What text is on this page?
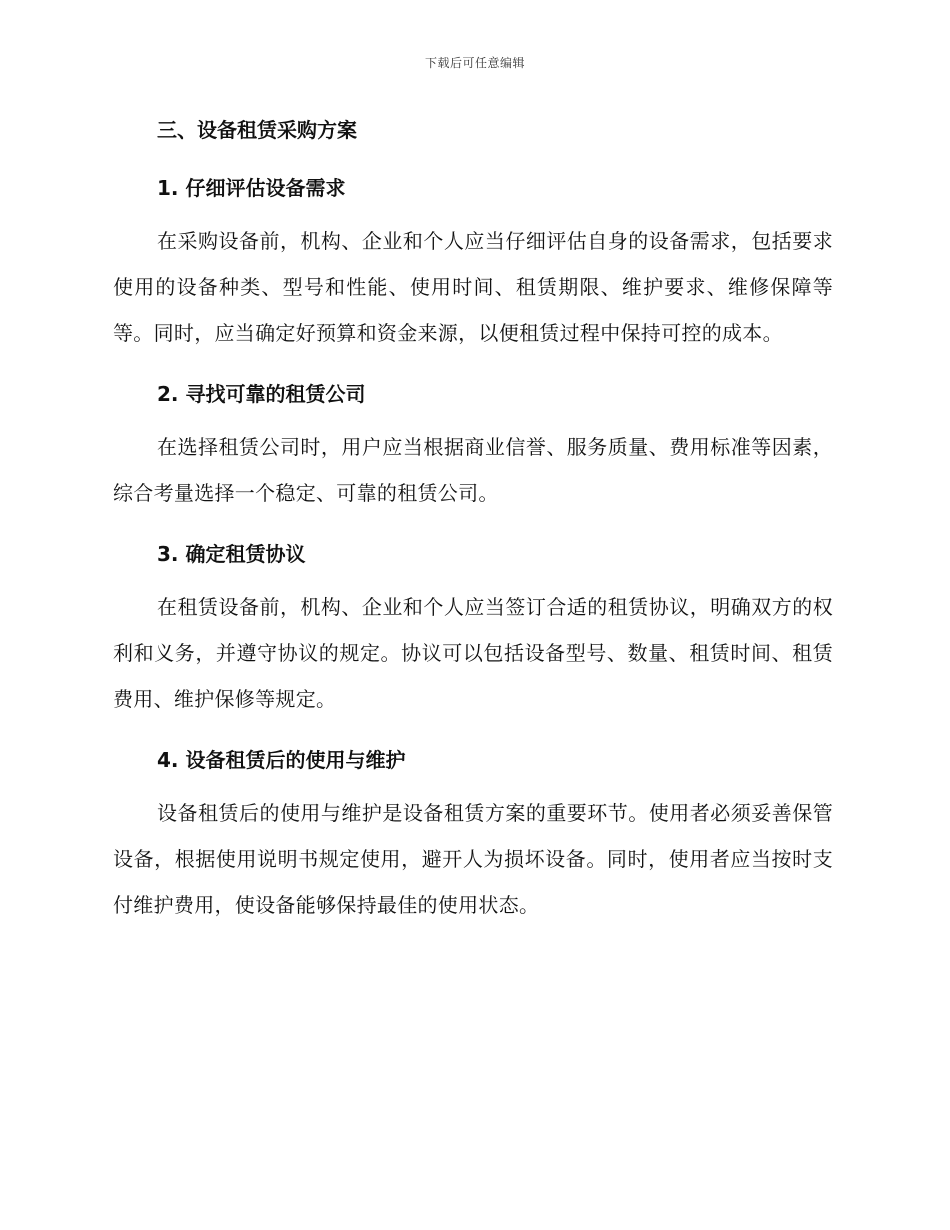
下载后可任意编辑
三、设备租赁采购方案
1. 仔细评估设备需求

在采购设备前，机构、企业和个人应当仔细评估自身的设备需求，包括要求使用的设备种类、型号和性能、使用时间、租赁期限、维护要求、维修保障等等。同时，应当确定好预算和资金来源，以便租赁过程中保持可控的成本。

2. 寻找可靠的租赁公司

在选择租赁公司时，用户应当根据商业信誉、服务质量、费用标准等因素，综合考量选择一个稳定、可靠的租赁公司。

3. 确定租赁协议

在租赁设备前，机构、企业和个人应当签订合适的租赁协议，明确双方的权利和义务，并遵守协议的规定。协议可以包括设备型号、数量、租赁时间、租赁费用、维护保修等规定。

4. 设备租赁后的使用与维护

设备租赁后的使用与维护是设备租赁方案的重要环节。使用者必须妥善保管设备，根据使用说明书规定使用，避开人为损坏设备。同时，使用者应当按时支付维护费用，使设备能够保持最佳的使用状态。
